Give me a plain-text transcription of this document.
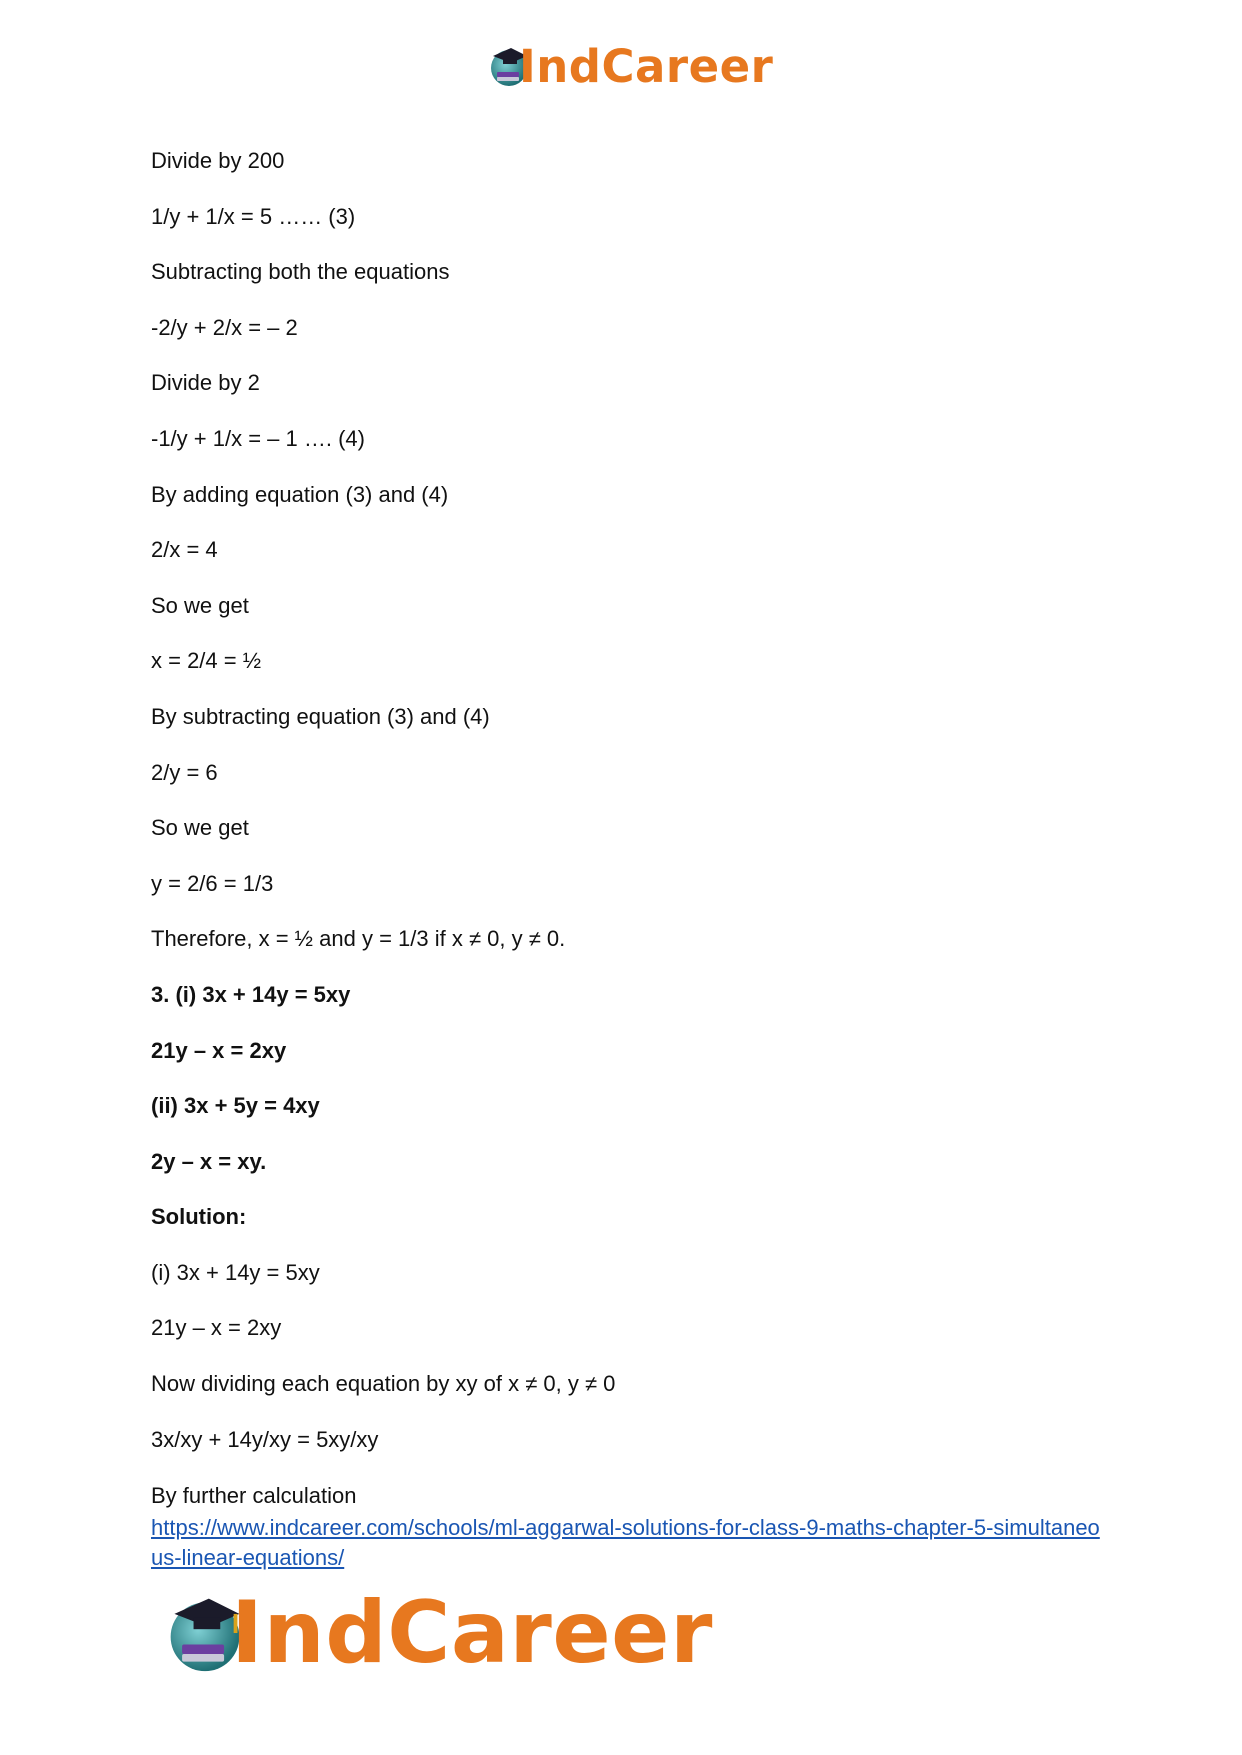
IndCareer
Divide by 200
1/y + 1/x = 5 …… (3)
Subtracting both the equations
-2/y + 2/x = – 2
Divide by 2
-1/y + 1/x = – 1 …. (4)
By adding equation (3) and (4)
2/x = 4
So we get
x = 2/4 = ½
By subtracting equation (3) and (4)
2/y = 6
So we get
y = 2/6 = 1/3
Therefore, x = ½ and y = 1/3 if x ≠ 0, y ≠ 0.
3. (i) 3x + 14y = 5xy
21y – x = 2xy
(ii) 3x + 5y = 4xy
2y – x = xy.
Solution:
(i) 3x + 14y = 5xy
21y – x = 2xy
Now dividing each equation by xy of x ≠ 0, y ≠ 0
3x/xy + 14y/xy = 5xy/xy
By further calculation
https://www.indcareer.com/schools/ml-aggarwal-solutions-for-class-9-maths-chapter-5-simultaneous-linear-equations/
IndCareer
